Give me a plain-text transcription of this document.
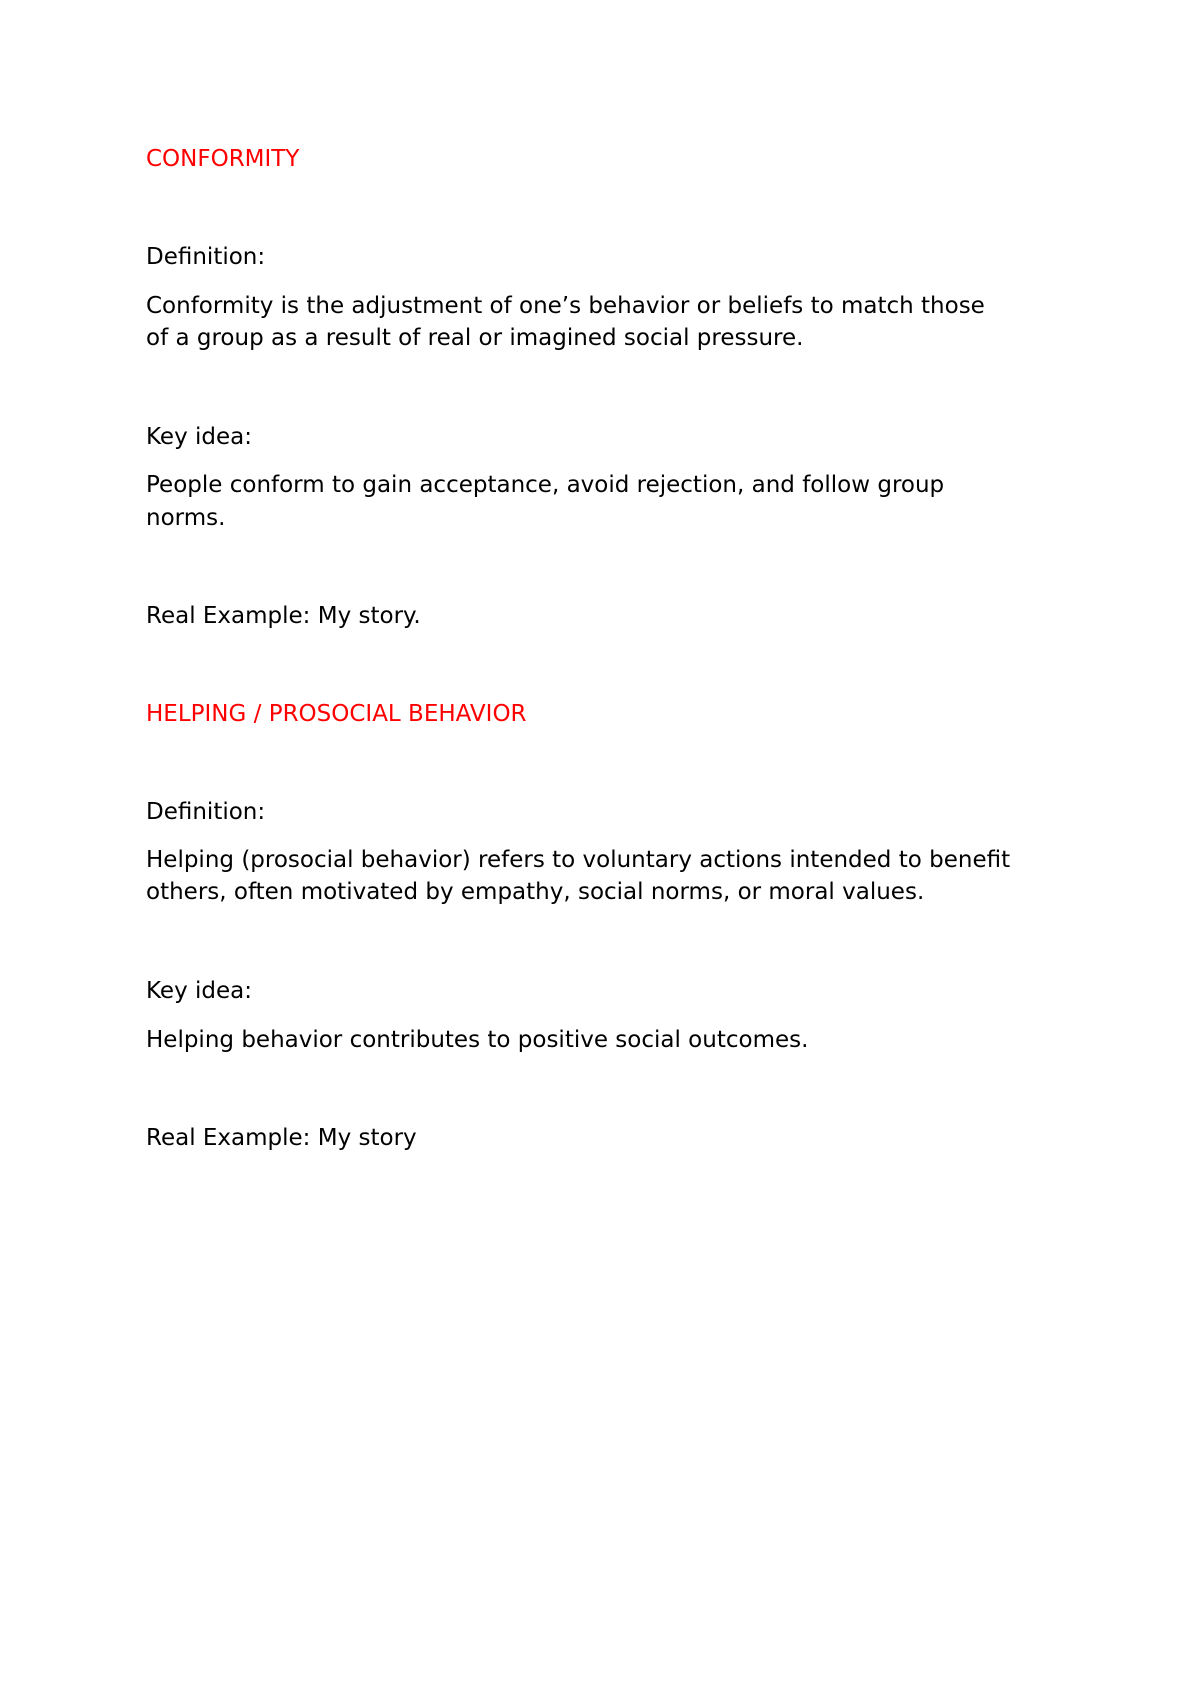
CONFORMITY

Definition:

Conformity is the adjustment of one’s behavior or beliefs to match those

of a group as a result of real or imagined social pressure.

Key idea:

People conform to gain acceptance, avoid rejection, and follow group

norms.

Real Example: My story.

HELPING / PROSOCIAL BEHAVIOR

Definition:

Helping (prosocial behavior) refers to voluntary actions intended to benefit

others, often motivated by empathy, social norms, or moral values.

Key idea:

Helping behavior contributes to positive social outcomes.

Real Example: My story
